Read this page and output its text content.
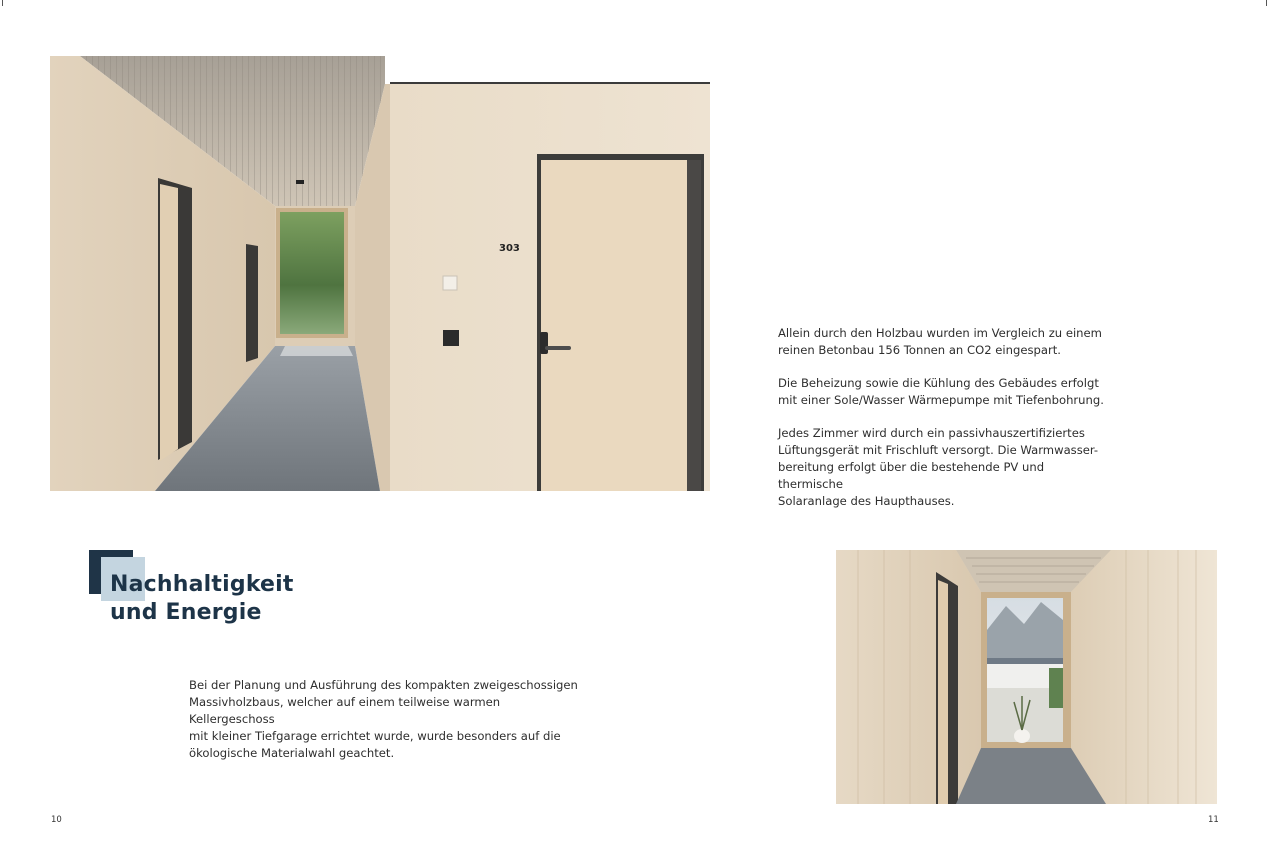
303

Allein durch den Holzbau wurden im Vergleich zu einem
reinen Betonbau 156 Tonnen an CO2 eingespart.

Die Beheizung sowie die Kühlung des Gebäudes erfolgt
mit einer Sole/Wasser Wärmepumpe mit Tiefenbohrung.

Jedes Zimmer wird durch ein passivhauszertifiziertes
Lüftungsgerät mit Frischluft versorgt. Die Warmwasser-
bereitung erfolgt über die bestehende PV und thermische
Solaranlage des Haupthauses.

Nachhaltigkeit
und Energie

Bei der Planung und Ausführung des kompakten zweigeschossigen
Massivholzbaus, welcher auf einem teilweise warmen Kellergeschoss
mit kleiner Tiefgarage errichtet wurde, wurde besonders auf die
ökologische Materialwahl geachtet.

10	11
